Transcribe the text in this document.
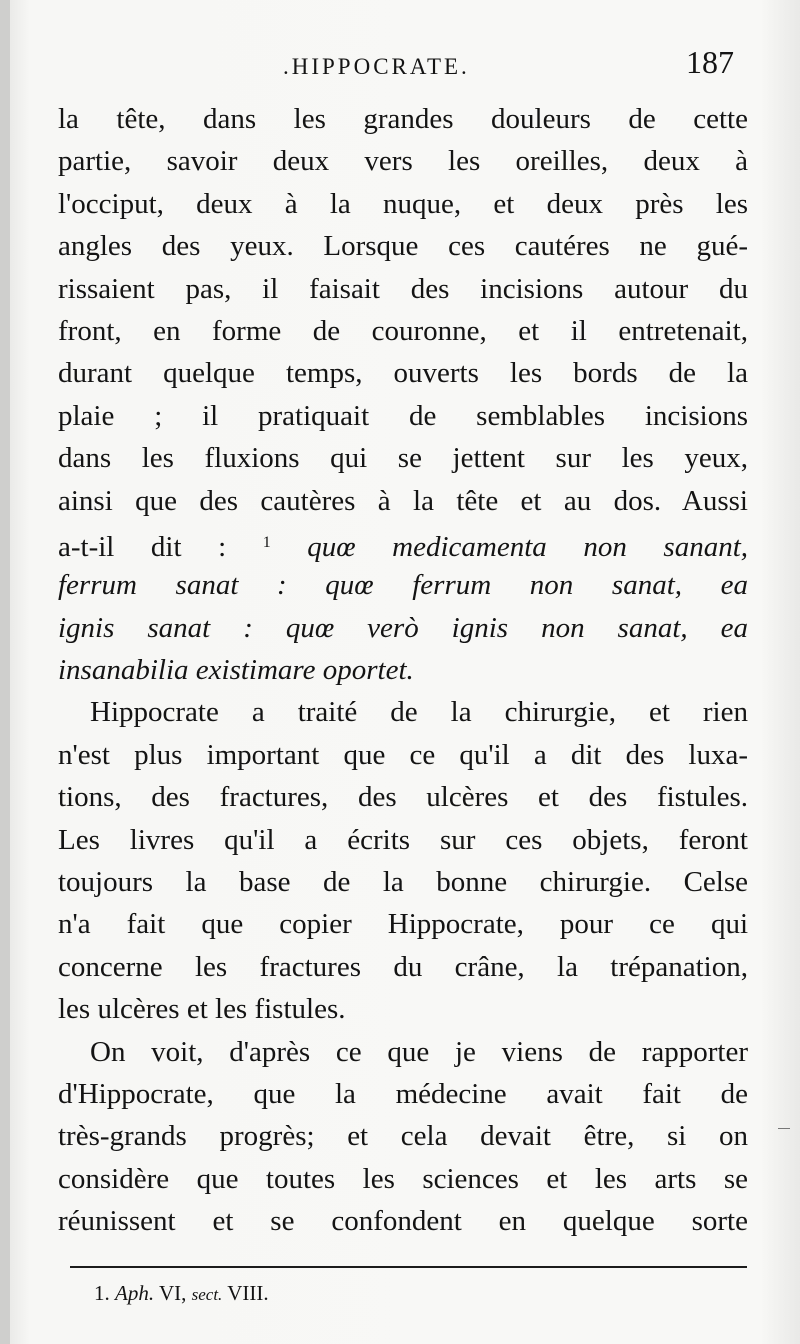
.HIPPOCRATE.	187
la tête, dans les grandes douleurs de cette
partie, savoir deux vers les oreilles, deux à
l'occiput, deux à la nuque, et deux près les
angles des yeux. Lorsque ces cautéres ne gué-
rissaient pas, il faisait des incisions autour du
front, en forme de couronne, et il entretenait,
durant quelque temps, ouverts les bords de la
plaie ; il pratiquait de semblables incisions
dans les fluxions qui se jettent sur les yeux,
ainsi que des cautères à la tête et au dos. Aussi
a-t-il dit : $^1$ quœ medicamenta non sanant,
ferrum sanat : quœ ferrum non sanat, ea
ignis sanat : quœ verò ignis non sanat, ea
insanabilia existimare oportet.
Hippocrate a traité de la chirurgie, et rien
n'est plus important que ce qu'il a dit des luxa-
tions, des fractures, des ulcères et des fistules.
Les livres qu'il a écrits sur ces objets, feront
toujours la base de la bonne chirurgie. Celse
n'a fait que copier Hippocrate, pour ce qui
concerne les fractures du crâne, la trépanation,
les ulcères et les fistules.
On voit, d'après ce que je viens de rapporter
d'Hippocrate, que la médecine avait fait de
très-grands progrès; et cela devait être, si on
considère que toutes les sciences et les arts se
réunissent et se confondent en quelque sorte
1. Aph. VI, sect. VIII.
